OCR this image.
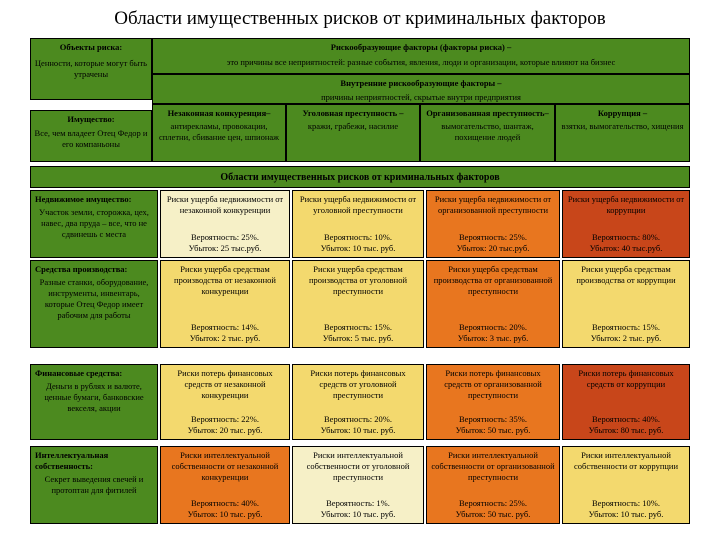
Области имущественных рисков от криминальных факторов
Объекты риска:
Ценности, которые могут быть утрачены
Рискообразующие факторы (факторы риска) –
это причины все неприятностей: разные события, явления, люди и организации, которые влияют на бизнес
Внутренние рискообразующие факторы –
причины неприятностей, скрытые внутри предприятия
Имущество:
Все, чем владеет Отец Федор и его компаньоны
Незаконная конкуренция–
антирекламы, провокации, сплетни, сбивание цен, шпионаж
Уголовная преступность –
кражи, грабежи, насилие
Организованная преступность–
вымогательство, шантаж, похищение людей
Коррупция –
взятки, вымогательство, хищения
Области имущественных рисков от криминальных факторов
Недвижимое имущество:
Участок земли, сторожка, цех, навес, два пруда – все, что не сдвинешь с места
Риски ущерба недвижимости от незаконной конкуренции
Вероятность: 25%.
Убыток: 25 тыс.руб.
Риски ущерба недвижимости от уголовной преступности
Вероятность: 10%.
Убыток: 10 тыс. руб.
Риски ущерба недвижимости от организованной преступности
Вероятность: 25%.
Убыток: 20 тыс.руб.
Риски ущерба недвижимости от коррупции
Вероятность: 80%.
Убыток: 40 тыс.руб.
Средства производства:
Разные станки, оборудование, инструменты, инвентарь, которые Отец Федор имеет рабочим для работы
Риски ущерба средствам производства от незаконной конкуренции
Вероятность: 14%.
Убыток: 2 тыс. руб.
Риски ущерба средствам производства от уголовной преступности
Вероятность: 15%.
Убыток: 5 тыс. руб.
Риски ущерба средствам производства от организованной преступности
Вероятность: 20%.
Убыток: 3 тыс. руб.
Риски ущерба средствам производства от коррупции
Вероятность: 15%.
Убыток: 2 тыс. руб.
Финансовые средства:
Деньги в рублях и валюте, ценные бумаги, банковские векселя, акции
Риски потерь финансовых средств от незаконной конкуренции
Вероятность: 22%.
Убыток: 20 тыс. руб.
Риски потерь финансовых средств от уголовной преступности
Вероятность: 20%.
Убыток: 10 тыс. руб.
Риски потерь финансовых средств от организованной преступности
Вероятность: 35%.
Убыток: 50 тыс. руб.
Риски потерь финансовых средств от коррупции
Вероятность: 40%.
Убыток: 80 тыс. руб.
Интеллектуальная собственность:
Секрет выведения свечей и протоптан для фитилей
Риски интеллектуальной собственности от незаконной конкуренции
Вероятность: 40%.
Убыток: 10 тыс. руб.
Риски интеллектуальной собственности от уголовной преступности
Вероятность: 1%.
Убыток: 10 тыс. руб.
Риски интеллектуальной собственности от организованной преступности
Вероятность: 25%.
Убыток: 50 тыс. руб.
Риски интеллектуальной собственности от коррупции
Вероятность: 10%.
Убыток: 10 тыс. руб.
